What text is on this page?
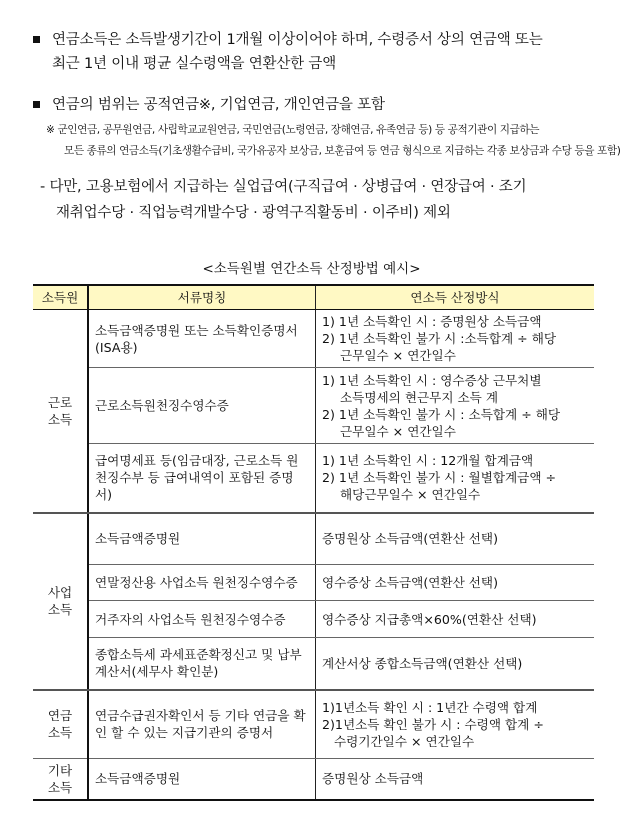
연금소득은 소득발생기간이 1개월 이상이어야 하며, 수령증서 상의 연금액 또는
최근 1년 이내 평균 실수령액을 연환산한 금액
연금의 범위는 공적연금※, 기업연금, 개인연금을 포함
※ 군인연금, 공무원연금, 사립학교교원연금, 국민연금(노령연금, 장해연금, 유족연금 등) 등 공적기관이 지급하는
모든 종류의 연금소득(기초생활수급비, 국가유공자 보상금, 보훈급여 등 연금 형식으로 지급하는 각종 보상금과 수당 등을 포함)
- 다만, 고용보험에서 지급하는 실업급여(구직급여 · 상병급여 · 연장급여 · 조기
재취업수당 · 직업능력개발수당 · 광역구직활동비 · 이주비) 제외
<소득원별 연간소득 산정방법 예시>
소득원	서류명칭	연소득 산정방식
근로
소득	소득금액증명원 또는 소득확인증명서 (ISA용)	1) 1년 소득확인 시 : 증명원상 소득금액
2) 1년 소득확인 불가 시 :소득합계 ÷ 해당
근무일수 × 연간일수

	근로소득원천징수영수증	1) 1년 소득확인 시 : 영수증상 근무처별
소득명세의 현근무지 소득 계
2) 1년 소득확인 불가 시 : 소득합계 ÷ 해당
근무일수 × 연간일수

	급여명세표 등(임금대장, 근로소득 원천징수부 등 급여내역이 포함된 증명서)	1) 1년 소득확인 시 : 12개월 합계금액
2) 1년 소득확인 불가 시 : 월별합계금액 ÷
해당근무일수 × 연간일수

사업
소득	소득금액증명원	증명원상 소득금액(연환산 선택)
	연말정산용 사업소득 원천징수영수증	영수증상 소득금액(연환산 선택)
	거주자의 사업소득 원천징수영수증	영수증상 지급총액×60%(연환산 선택)
	종합소득세 과세표준확정신고 및 납부계산서(세무사 확인분)	계산서상 종합소득금액(연환산 선택)
연금
소득	연금수급권자확인서 등 기타 연금을 확인 할 수 있는 지급기관의 증명서	1)1년소득 확인 시 : 1년간 수령액 합계
2)1년소득 확인 불가 시 : 수령액 합계 ÷
수령기간일수 × 연간일수

기타
소득	소득금액증명원	증명원상 소득금액
